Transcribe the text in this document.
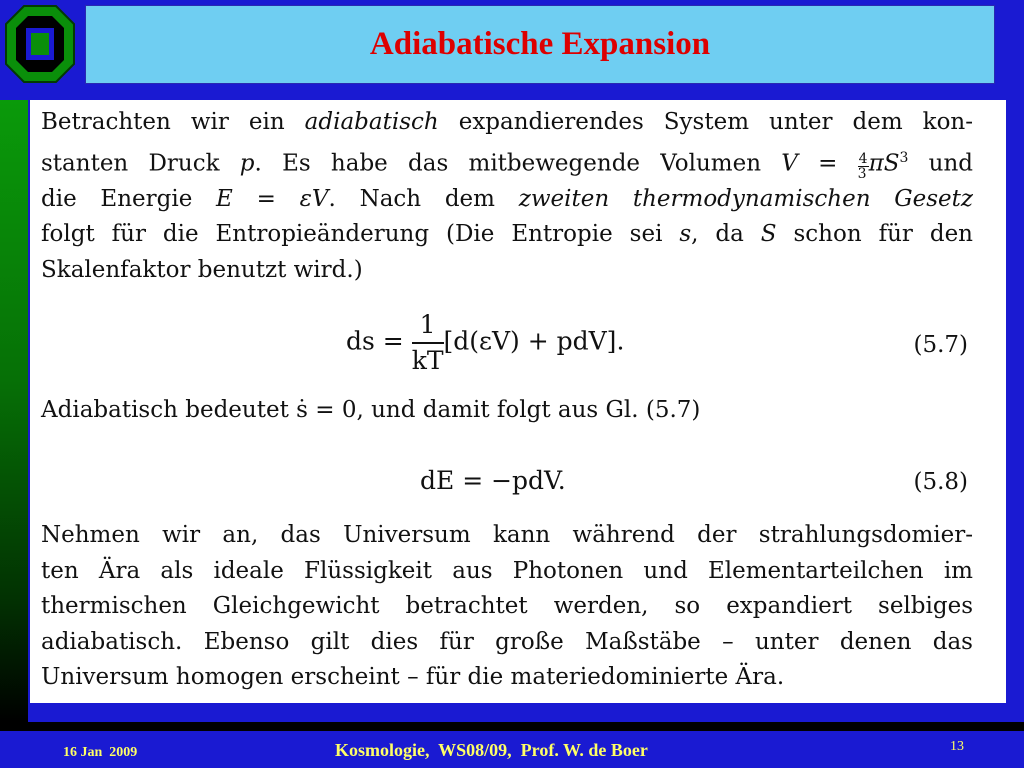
Adiabatische Expansion
Betrachten wir ein adiabatisch expandierendes System unter dem kon-
stanten Druck p. Es habe das mitbewegende Volumen $V = \frac{4}{3}\pi S^3$ und
die Energie E = εV. Nach dem zweiten thermodynamischen Gesetz
folgt für die Entropieänderung (Die Entropie sei s, da S schon für den
Skalenfaktor benutzt wird.)
ds = $\frac{1}{kT} [d(\varepsilon V) + pdV]$.	(5.7)
Adiabatisch bedeutet ṡ = 0, und damit folgt aus Gl. (5.7)
dE = −pdV.	(5.8)
Nehmen wir an, das Universum kann während der strahlungsdomier-
ten Ära als ideale Flüssigkeit aus Photonen und Elementarteilchen im
thermischen Gleichgewicht betrachtet werden, so expandiert selbiges
adiabatisch. Ebenso gilt dies für große Maßstäbe – unter denen das
Universum homogen erscheint – für die materiedominierte Ära.
16 Jan  2009	Kosmologie,  WS08/09,  Prof. W. de Boer	13
